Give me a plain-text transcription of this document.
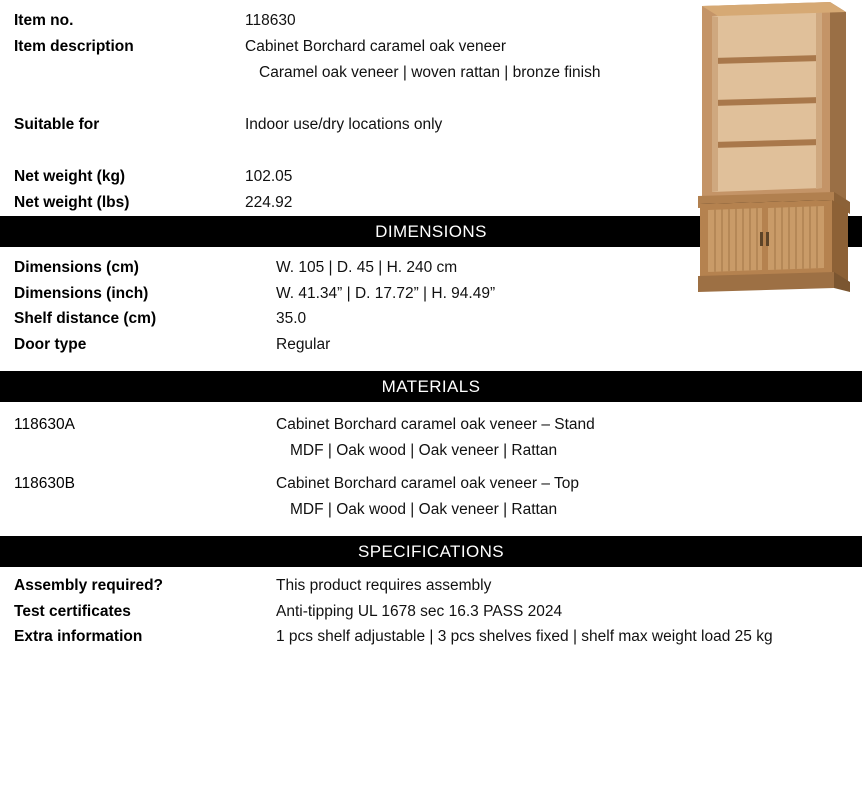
Item no.	118630
Item description	Cabinet Borchard caramel oak veneer
Caramel oak veneer | woven rattan | bronze finish
Suitable for	Indoor use/dry locations only
Net weight (kg)	102.05
Net weight (lbs)	224.92
DIMENSIONS
Dimensions (cm)	W. 105 | D. 45 | H. 240 cm
Dimensions (inch)	W. 41.34” | D. 17.72” | H. 94.49”
Shelf distance (cm)	35.0
Door type	Regular
MATERIALS
118630A	Cabinet Borchard caramel oak veneer – Stand
MDF | Oak wood | Oak veneer | Rattan
118630B	Cabinet Borchard caramel oak veneer – Top
MDF | Oak wood | Oak veneer | Rattan
SPECIFICATIONS
Assembly required?	This product requires assembly
Test certificates	Anti-tipping UL 1678 sec 16.3 PASS 2024
Extra information	1 pcs shelf adjustable | 3 pcs shelves fixed | shelf max weight load 25 kg
